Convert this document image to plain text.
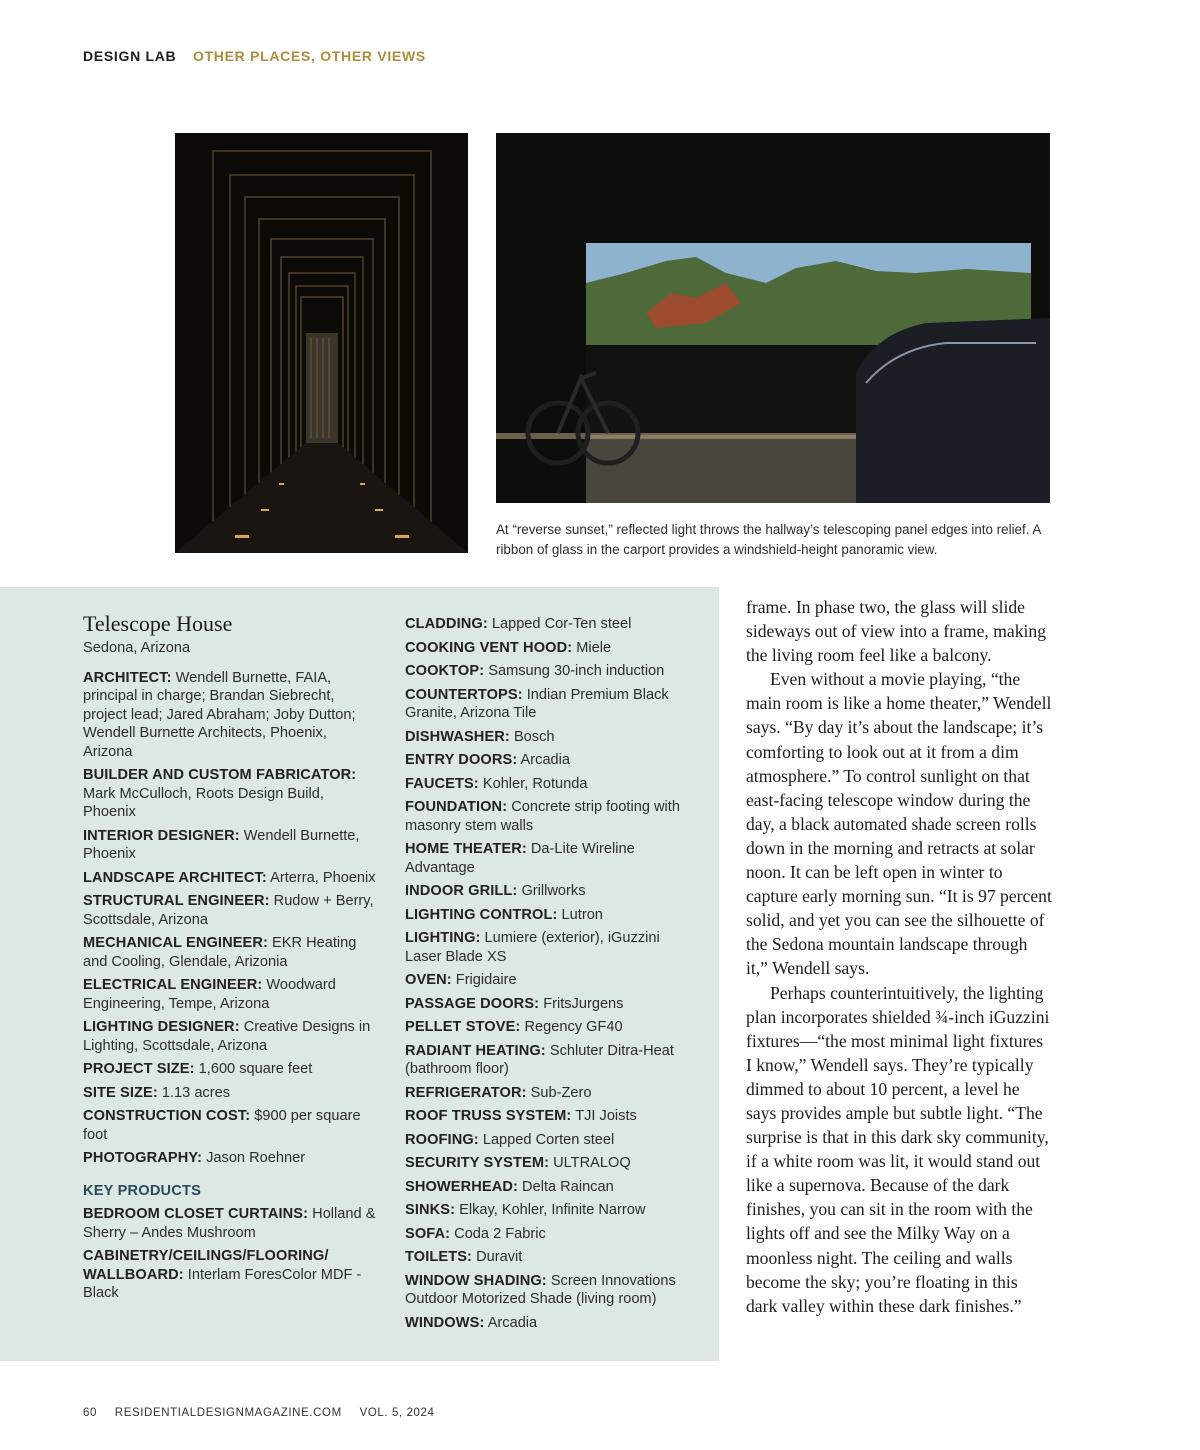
DESIGN LAB OTHER PLACES, OTHER VIEWS
At “reverse sunset,” reflected light throws the hallway’s telescoping panel edges into relief. A ribbon of glass in the carport provides a windshield-height panoramic view.
Telescope House
Sedona, Arizona
ARCHITECT: Wendell Burnette, FAIA, principal in charge; Brandan Siebrecht, project lead; Jared Abraham; Joby Dutton; Wendell Burnette Architects, Phoenix, Arizona
BUILDER AND CUSTOM FABRICATOR: Mark McCulloch, Roots Design Build, Phoenix
INTERIOR DESIGNER: Wendell Burnette, Phoenix
LANDSCAPE ARCHITECT: Arterra, Phoenix
STRUCTURAL ENGINEER: Rudow + Berry, Scottsdale, Arizona
MECHANICAL ENGINEER: EKR Heating and Cooling, Glendale, Arizonia
ELECTRICAL ENGINEER: Woodward Engineering, Tempe, Arizona
LIGHTING DESIGNER: Creative Designs in Lighting, Scottsdale, Arizona
PROJECT SIZE: 1,600 square feet
SITE SIZE: 1.13 acres
CONSTRUCTION COST: $900 per square foot
PHOTOGRAPHY: Jason Roehner
KEY PRODUCTS
BEDROOM CLOSET CURTAINS: Holland & Sherry – Andes Mushroom
CABINETRY/CEILINGS/FLOORING/ WALLBOARD: Interlam ForesColor MDF - Black
CLADDING: Lapped Cor-Ten steel
COOKING VENT HOOD: Miele
COOKTOP: Samsung 30-inch induction
COUNTERTOPS: Indian Premium Black Granite, Arizona Tile
DISHWASHER: Bosch
ENTRY DOORS: Arcadia
FAUCETS: Kohler, Rotunda
FOUNDATION: Concrete strip footing with masonry stem walls
HOME THEATER: Da-Lite Wireline Advantage
INDOOR GRILL: Grillworks
LIGHTING CONTROL: Lutron
LIGHTING: Lumiere (exterior), iGuzzini Laser Blade XS
OVEN: Frigidaire
PASSAGE DOORS: FritsJurgens
PELLET STOVE: Regency GF40
RADIANT HEATING: Schluter Ditra-Heat (bathroom floor)
REFRIGERATOR: Sub-Zero
ROOF TRUSS SYSTEM: TJI Joists
ROOFING: Lapped Corten steel
SECURITY SYSTEM: ULTRALOQ
SHOWERHEAD: Delta Raincan
SINKS: Elkay, Kohler, Infinite Narrow
SOFA: Coda 2 Fabric
TOILETS: Duravit
WINDOW SHADING: Screen Innovations Outdoor Motorized Shade (living room)
WINDOWS: Arcadia

frame. In phase two, the glass will slide sideways out of view into a frame, making the living room feel like a balcony.

Even without a movie playing, “the main room is like a home theater,” Wendell says. “By day it’s about the landscape; it’s comforting to look out at it from a dim atmosphere.” To control sunlight on that east-facing telescope window during the day, a black automated shade screen rolls down in the morning and retracts at solar noon. It can be left open in winter to capture early morning sun. “It is 97 percent solid, and yet you can see the silhouette of the Sedona mountain landscape through it,” Wendell says.

Perhaps counterintuitively, the lighting plan incorporates shielded ¾-inch iGuzzini fixtures—“the most minimal light fixtures I know,” Wendell says. They’re typically dimmed to about 10 percent, a level he says provides ample but subtle light. “The surprise is that in this dark sky community, if a white room was lit, it would stand out like a supernova. Because of the dark finishes, you can sit in the room with the lights off and see the Milky Way on a moonless night. The ceiling and walls become the sky; you’re floating in this dark valley within these dark finishes.”

60 RESIDENTIALDESIGNMAGAZINE.COM VOL. 5, 2024
